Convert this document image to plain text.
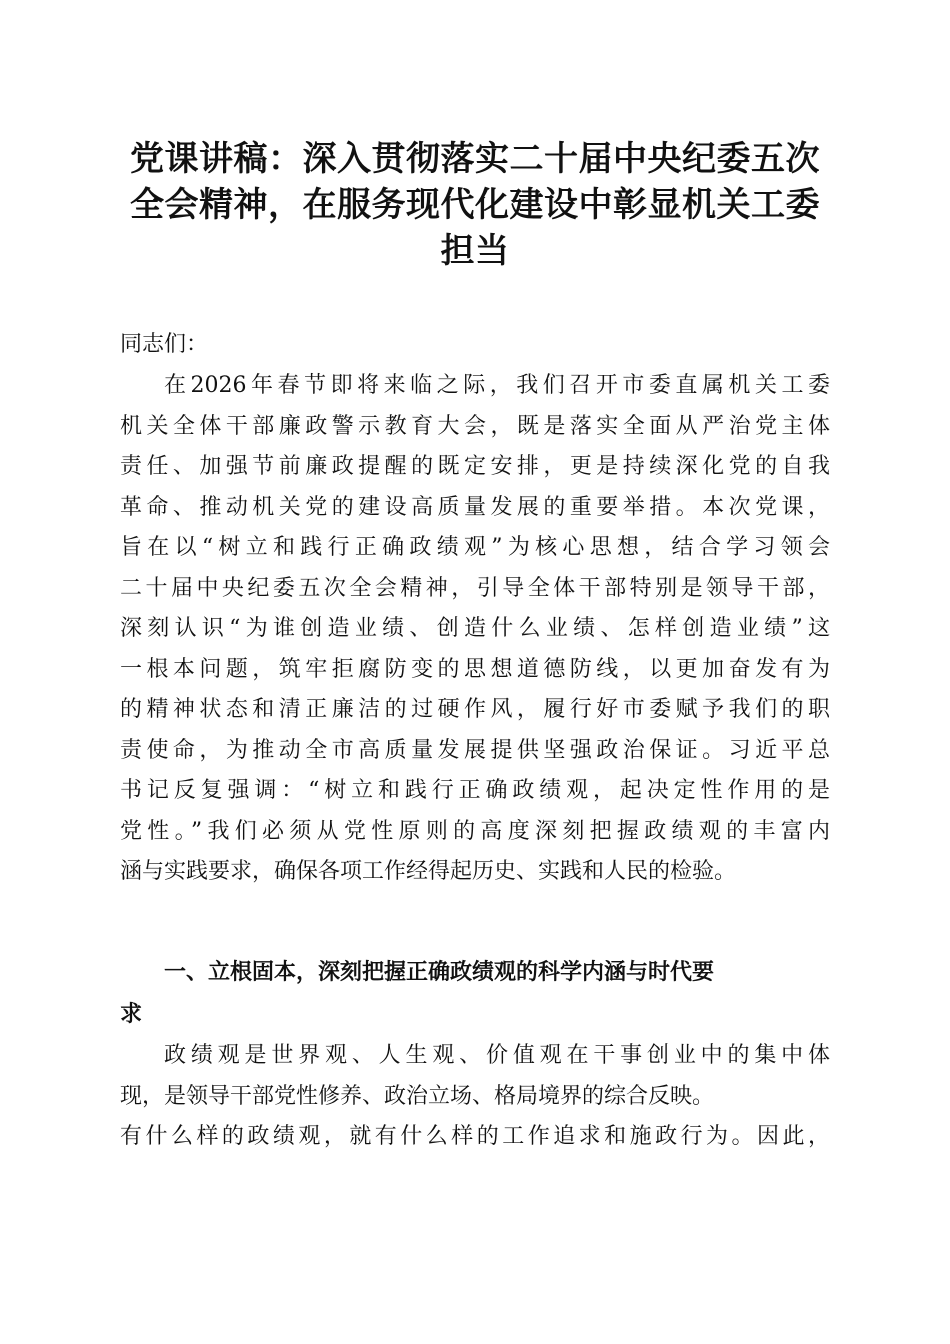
党课讲稿：深入贯彻落实二十届中央纪委五次
全会精神，在服务现代化建设中彰显机关工委
担当

同志们：

在2026年春节即将来临之际，我们召开市委直属机关工委
机关全体干部廉政警示教育大会，既是落实全面从严治党主体
责任、加强节前廉政提醒的既定安排，更是持续深化党的自我
革命、推动机关党的建设高质量发展的重要举措。本次党课，
旨在以“树立和践行正确政绩观”为核心思想，结合学习领会
二十届中央纪委五次全会精神，引导全体干部特别是领导干部，
深刻认识“为谁创造业绩、创造什么业绩、怎样创造业绩”这
一根本问题，筑牢拒腐防变的思想道德防线，以更加奋发有为
的精神状态和清正廉洁的过硬作风，履行好市委赋予我们的职
责使命，为推动全市高质量发展提供坚强政治保证。习近平总
书记反复强调：“树立和践行正确政绩观，起决定性作用的是
党性。”我们必须从党性原则的高度深刻把握政绩观的丰富内
涵与实践要求，确保各项工作经得起历史、实践和人民的检验。

一、立根固本，深刻把握正确政绩观的科学内涵与时代要
求

政绩观是世界观、人生观、价值观在干事创业中的集中体
现，是领导干部党性修养、政治立场、格局境界的综合反映。
有什么样的政绩观，就有什么样的工作追求和施政行为。因此，
